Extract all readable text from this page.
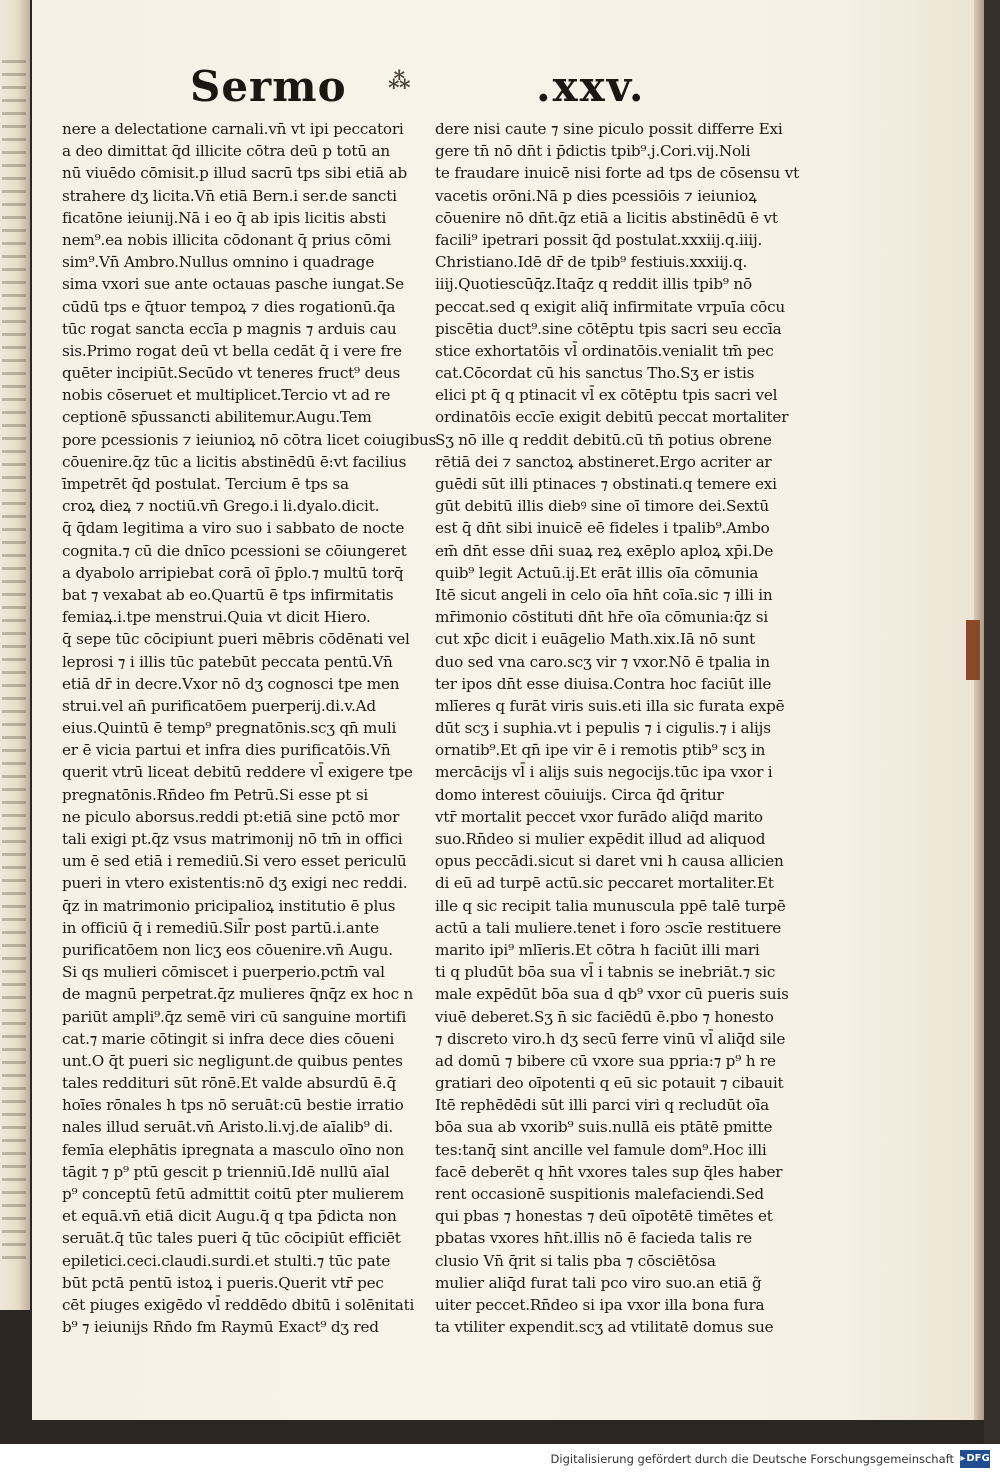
Sermo ⁂	.xxv.
nere a delectatione carnali.vn̄ vt ipi peccatori
a deo dimittat q̄d illicite cōtra deū p totū an
nū viuēdo cōmisit.p illud sacrū tps sibi etiā ab
strahere dʒ licita.Vn̄ etiā Bern.i ser.de sancti
ficatōne ieiunij.Nā i eo q̄ ab ipis licitis absti
nem⁹.ea nobis illicita cōdonant q̄ prius cōmi
sim⁹.Vn̄ Ambro.Nullus omnino i quadrage
sima vxori sue ante octauas pasche iungat.Se
cūdū tps e q̄tuor tempoꝝ ⁊ dies rogationū.q̄a
tūc rogat sancta eccīa p magnis ⁊ arduis cau
sis.Primo rogat deū vt bella cedāt q̄ i vere fre
quēter incipiūt.Secūdo vt teneres fruct⁹ deus
nobis cōseruet et multiplicet.Tercio vt ad re
ceptionē sp̄ussancti abilitemur.Augu.Tem
pore pcessionis ⁊ ieiunioꝝ nō cōtra licet coiugibus
cōuenire.q̄z tūc a licitis abstinēdū ē:vt facilius
īmpetrēt q̄d postulat. Tercium ē tps sa
croꝝ dieꝝ ⁊ noctiū.vn̄ Grego.i li.dyalo.dicit.
q̄ q̄dam legitima a viro suo i sabbato de nocte
cognita.⁊ cū die dnīco pcessioni se cōiungeret
a dyabolo arripiebat corā oī p̄plo.⁊ multū torq̄
bat ⁊ vexabat ab eo.Quartū ē tps infirmitatis
femiaꝝ.i.tpe menstrui.Quia vt dicit Hiero.
q̄ sepe tūc cōcipiunt pueri mēbris cōdēnati vel
leprosi ⁊ i illis tūc patebūt peccata pentū.Vn̄
etiā dr̄ in decre.Vxor nō dʒ cognosci tpe men
strui.vel an̄ purificatōem puerperij.di.v.Ad
eius.Quintū ē temp⁹ pregnatōnis.scʒ qn̄ muli
er ē vicia partui et infra dies purificatōis.Vn̄
querit vtrū liceat debitū reddere vl̄ exigere tpe
pregnatōnis.Rn̄deo fm Petrū.Si esse pt si
ne piculo aborsus.reddi pt:etiā sine pctō mor
tali exigi pt.q̄z vsus matrimonij nō tm̄ in offici
um ē sed etiā i remediū.Si vero esset periculū
pueri in vtero existentis:nō dʒ exigi nec reddi.
q̄z in matrimonio pricipalioꝝ institutio ē plus
in officiū q̄ i remediū.Sil̄r post partū.i.ante
purificatōem non licʒ eos cōuenire.vn̄ Augu.
Si qs mulieri cōmiscet i puerperio.pctm̄ val
de magnū perpetrat.q̄z mulieres q̄nq̄z ex hoc n
pariūt ampli⁹.q̄z semē viri cū sanguine mortifi
cat.⁊ marie cōtingit si infra dece dies cōueni
unt.O q̄t pueri sic negligunt.de quibus pentes
tales reddituri sūt rōnē.Et valde absurdū ē.q̄
hoīes rōnales h tps nō seruāt:cū bestie irratio
nales illud seruāt.vn̄ Aristo.li.vj.de aīalib⁹ di.
femīa elephātis ipregnata a masculo oīno non
tāgit ⁊ p⁹ ptū gescit p trienniū.Idē nullū aīal
p⁹ conceptū fetū admittit coitū pter mulierem
et equā.vn̄ etiā dicit Augu.q̄ q tpa p̄dicta non
seruāt.q̄ tūc tales pueri q̄ tūc cōcipiūt efficiēt
epiletici.ceci.claudi.surdi.et stulti.⁊ tūc pate
būt pctā pentū istoꝝ i pueris.Querit vtr̄ pec
cēt piuges exigēdo vl̄ reddēdo dbitū i solēnitati
b⁹ ⁊ ieiunijs Rn̄do fm Raymū Exact⁹ dʒ red
dere nisi caute ⁊ sine piculo possit differre Exi
gere tn̄ nō dn̄t i p̄dictis tpib⁹.j.Cori.vij.Noli
te fraudare inuicē nisi forte ad tps de cōsensu vt
vacetis orōni.Nā p dies pcessiōis ⁊ ieiunioꝝ
cōuenire nō dn̄t.q̄z etiā a licitis abstinēdū ē vt
facili⁹ ipetrari possit q̄d postulat.xxxiij.q.iiij.
Christiano.Idē dr̄ de tpib⁹ festiuis.xxxiij.q.
iiij.Quotiescūq̄z.Itaq̄z q reddit illis tpib⁹ nō
peccat.sed q exigit aliq̄ infirmitate vrpuīa cōcu
piscētia duct⁹.sine cōtēptu tpis sacri seu eccīa
stice exhortatōis vl̄ ordinatōis.venialit tm̄ pec
cat.Cōcordat cū his sanctus Tho.Sʒ er istis
elici pt q̄ q ptinacit vl̄ ex cōtēptu tpis sacri vel
ordinatōis eccīe exigit debitū peccat mortaliter
Sʒ nō ille q reddit debitū.cū tn̄ potius obrene
rētiā dei ⁊ sanctoꝝ abstineret.Ergo acriter ar
guēdi sūt illi ptinaces ⁊ obstinati.q temere exi
gūt debitū illis diebꝰ sine oī timore dei.Sextū
est q̄ dn̄t sibi inuicē eē fideles i tpalib⁹.Ambo
em̄ dn̄t esse dn̄i suaꝝ reꝝ exēplo aploꝝ xp̄i.De
quib⁹ legit Actuū.ij.Et erāt illis oīa cōmunia
Itē sicut angeli in celo oīa hn̄t coīa.sic ⁊ illi in
mr̄imonio cōstituti dn̄t hr̄e oīa cōmunia:q̄z si
cut xp̄c dicit i euāgelio Math.xix.Iā nō sunt
duo sed vna caro.scʒ vir ⁊ vxor.Nō ē tpalia in
ter ipos dn̄t esse diuisa.Contra hoc faciūt ille
mlīeres q furāt viris suis.eti illa sic furata expē
dūt scʒ i suphia.vt i pepulis ⁊ i cigulis.⁊ i alijs
ornatib⁹.Et qn̄ ipe vir ē i remotis ptib⁹ scʒ in
mercācijs vl̄ i alijs suis negocijs.tūc ipa vxor i
domo interest cōuiuijs. Circa q̄d q̄ritur
vtr̄ mortalit peccet vxor furādo aliq̄d marito
suo.Rn̄deo si mulier expēdit illud ad aliquod
opus peccādi.sicut si daret vni h causa allicien
di eū ad turpē actū.sic peccaret mortaliter.Et
ille q sic recipit talia munuscula ppē talē turpē
actū a tali muliere.tenet i foro ɔscīe restituere
marito ipi⁹ mlīeris.Et cōtra h faciūt illi mari
ti q pludūt bōa sua vl̄ i tabnis se inebriāt.⁊ sic
male expēdūt bōa sua d qb⁹ vxor cū pueris suis
viuē deberet.Sʒ n̄ sic faciēdū ē.pbo ⁊ honesto
⁊ discreto viro.h dʒ secū ferre vinū vl̄ aliq̄d sile
ad domū ⁊ bibere cū vxore sua ppria:⁊ p⁹ h re
gratiari deo oīpotenti q eū sic potauit ⁊ cibauit
Itē rephēdēdi sūt illi parci viri q recludūt oīa
bōa sua ab vxorib⁹ suis.nullā eis ptātē pmitte
tes:tanq̄ sint ancille vel famule dom⁹.Hoc illi
facē deberēt q hn̄t vxores tales sup q̄les haber
rent occasionē suspitionis malefaciendi.Sed
qui pbas ⁊ honestas ⁊ deū oīpotētē timētes et
pbatas vxores hn̄t.illis nō ē facieda talis re
clusio Vn̄ q̄rit si talis pba ⁊ cōsciētōsa
mulier aliq̄d furat tali pco viro suo.an etiā g̃
uiter peccet.Rn̄deo si ipa vxor illa bona fura
ta vtiliter expendit.scʒ ad vtilitatē domus sue
Digitalisierung gefördert durch die Deutsche Forschungsgemeinschaft
▸	DFG
